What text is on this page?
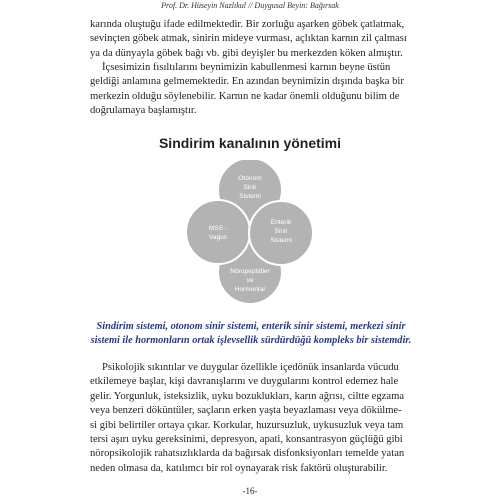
Prof. Dr. Hüseyin Nazlıkul // Duygusal Beyin: Bağırsak
karında oluştuğu ifade edilmektedir. Bir zorluğu aşarken göbek çatlatmak,
sevinçten göbek atmak, sinirin mideye vurması, açlıktan karnın zil çalması
ya da dünyayla göbek bağı vb. gibi deyişler bu merkezden köken almıştır.
İçsesimizin fısıltılarını beynimizin kabullenmesi karnın beyne üstün
geldiği anlamına gelmemektedir. En azından beynimizin dışında başka bir
merkezin olduğu söylenebilir. Karnın ne kadar önemli olduğunu bilim de
doğrulamaya başlamıştır.
Sindirim kanalının yönetimi
Otonom
Sinir
Sistemi
MSS -
Vagus
Enterik
Sinir
Sistemi
Nöropeptidler
ve
Hormonlar
Sindirim sistemi, otonom sinir sistemi, enterik sinir sistemi, merkezi sinir
sistemi ile hormonların ortak işlevsellik sürdürdüğü kompleks bir sistemdir.
Psikolojik sıkıntılar ve duygular özellikle içedönük insanlarda vücudu
etkilemeye başlar, kişi davranışlarını ve duygularını kontrol edemez hale
gelir. Yorgunluk, isteksizlik, uyku bozuklukları, karın ağrısı, ciltte egzama
veya benzeri döküntüler, saçların erken yaşta beyazlaması veya dökülme-
si gibi belirtiler ortaya çıkar. Korkular, huzursuzluk, uykusuzluk veya tam
tersi aşırı uyku gereksinimi, depresyon, apati, konsantrasyon güçlüğü gibi
nöropsikolojik rahatsızlıklarda da bağırsak disfonksiyonları temelde yatan
neden olmasa da, katılımcı bir rol oynayarak risk faktörü oluşturabilir.
-16-
